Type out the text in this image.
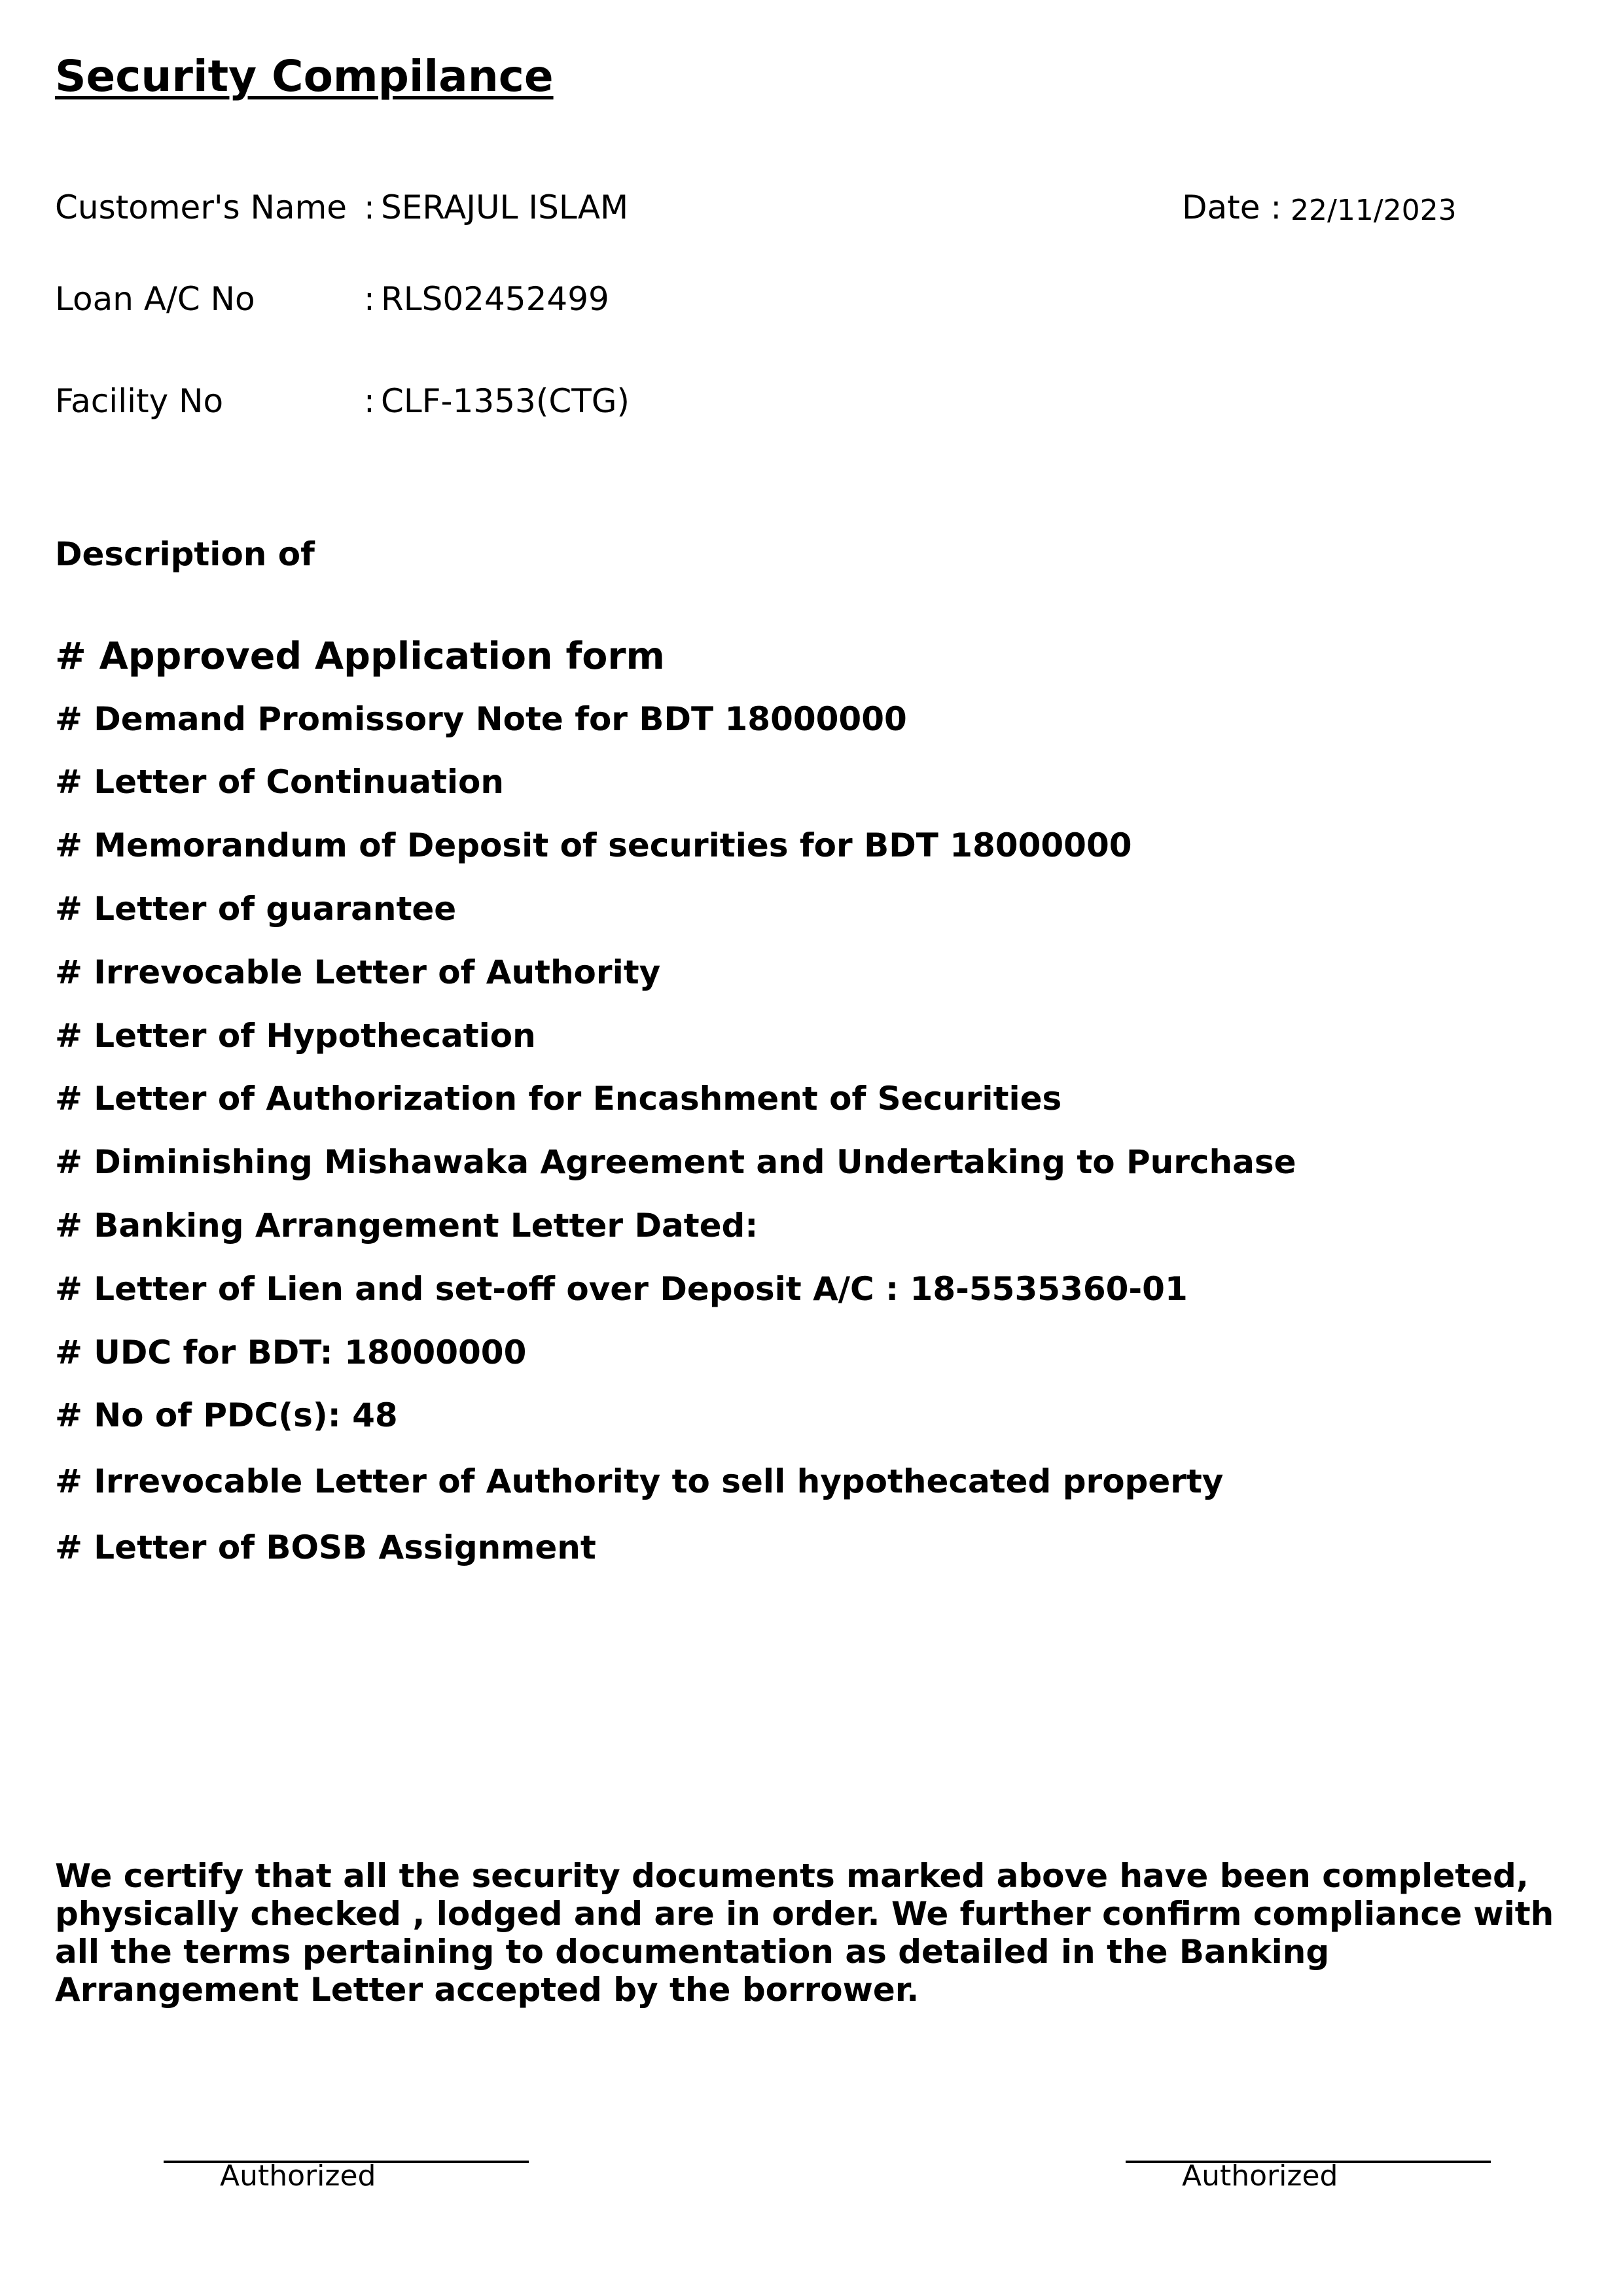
Security Compilance
Customer's Name : SERAJUL ISLAM	Date : 22/11/2023
Loan A/C No	: RLS02452499
Facility No	: CLF-1353(CTG)
Description of
# Approved Application form
# Demand Promissory Note for BDT 18000000
# Letter of Continuation
# Memorandum of Deposit of securities for BDT 18000000
# Letter of guarantee
# Irrevocable Letter of Authority
# Letter of Hypothecation
# Letter of Authorization for Encashment of Securities
# Diminishing Mishawaka Agreement and Undertaking to Purchase
# Banking Arrangement Letter Dated:
# Letter of Lien and set-off over Deposit A/C : 18-5535360-01
# UDC for BDT: 18000000
# No of PDC(s): 48
# Irrevocable Letter of Authority to sell hypothecated property
# Letter of BOSB Assignment
We certify that all the security documents marked above have been completed, physically checked , lodged and are in order. We further confirm compliance with all the terms pertaining to documentation as detailed in the Banking Arrangement Letter accepted by the borrower.
Authorized	Authorized
